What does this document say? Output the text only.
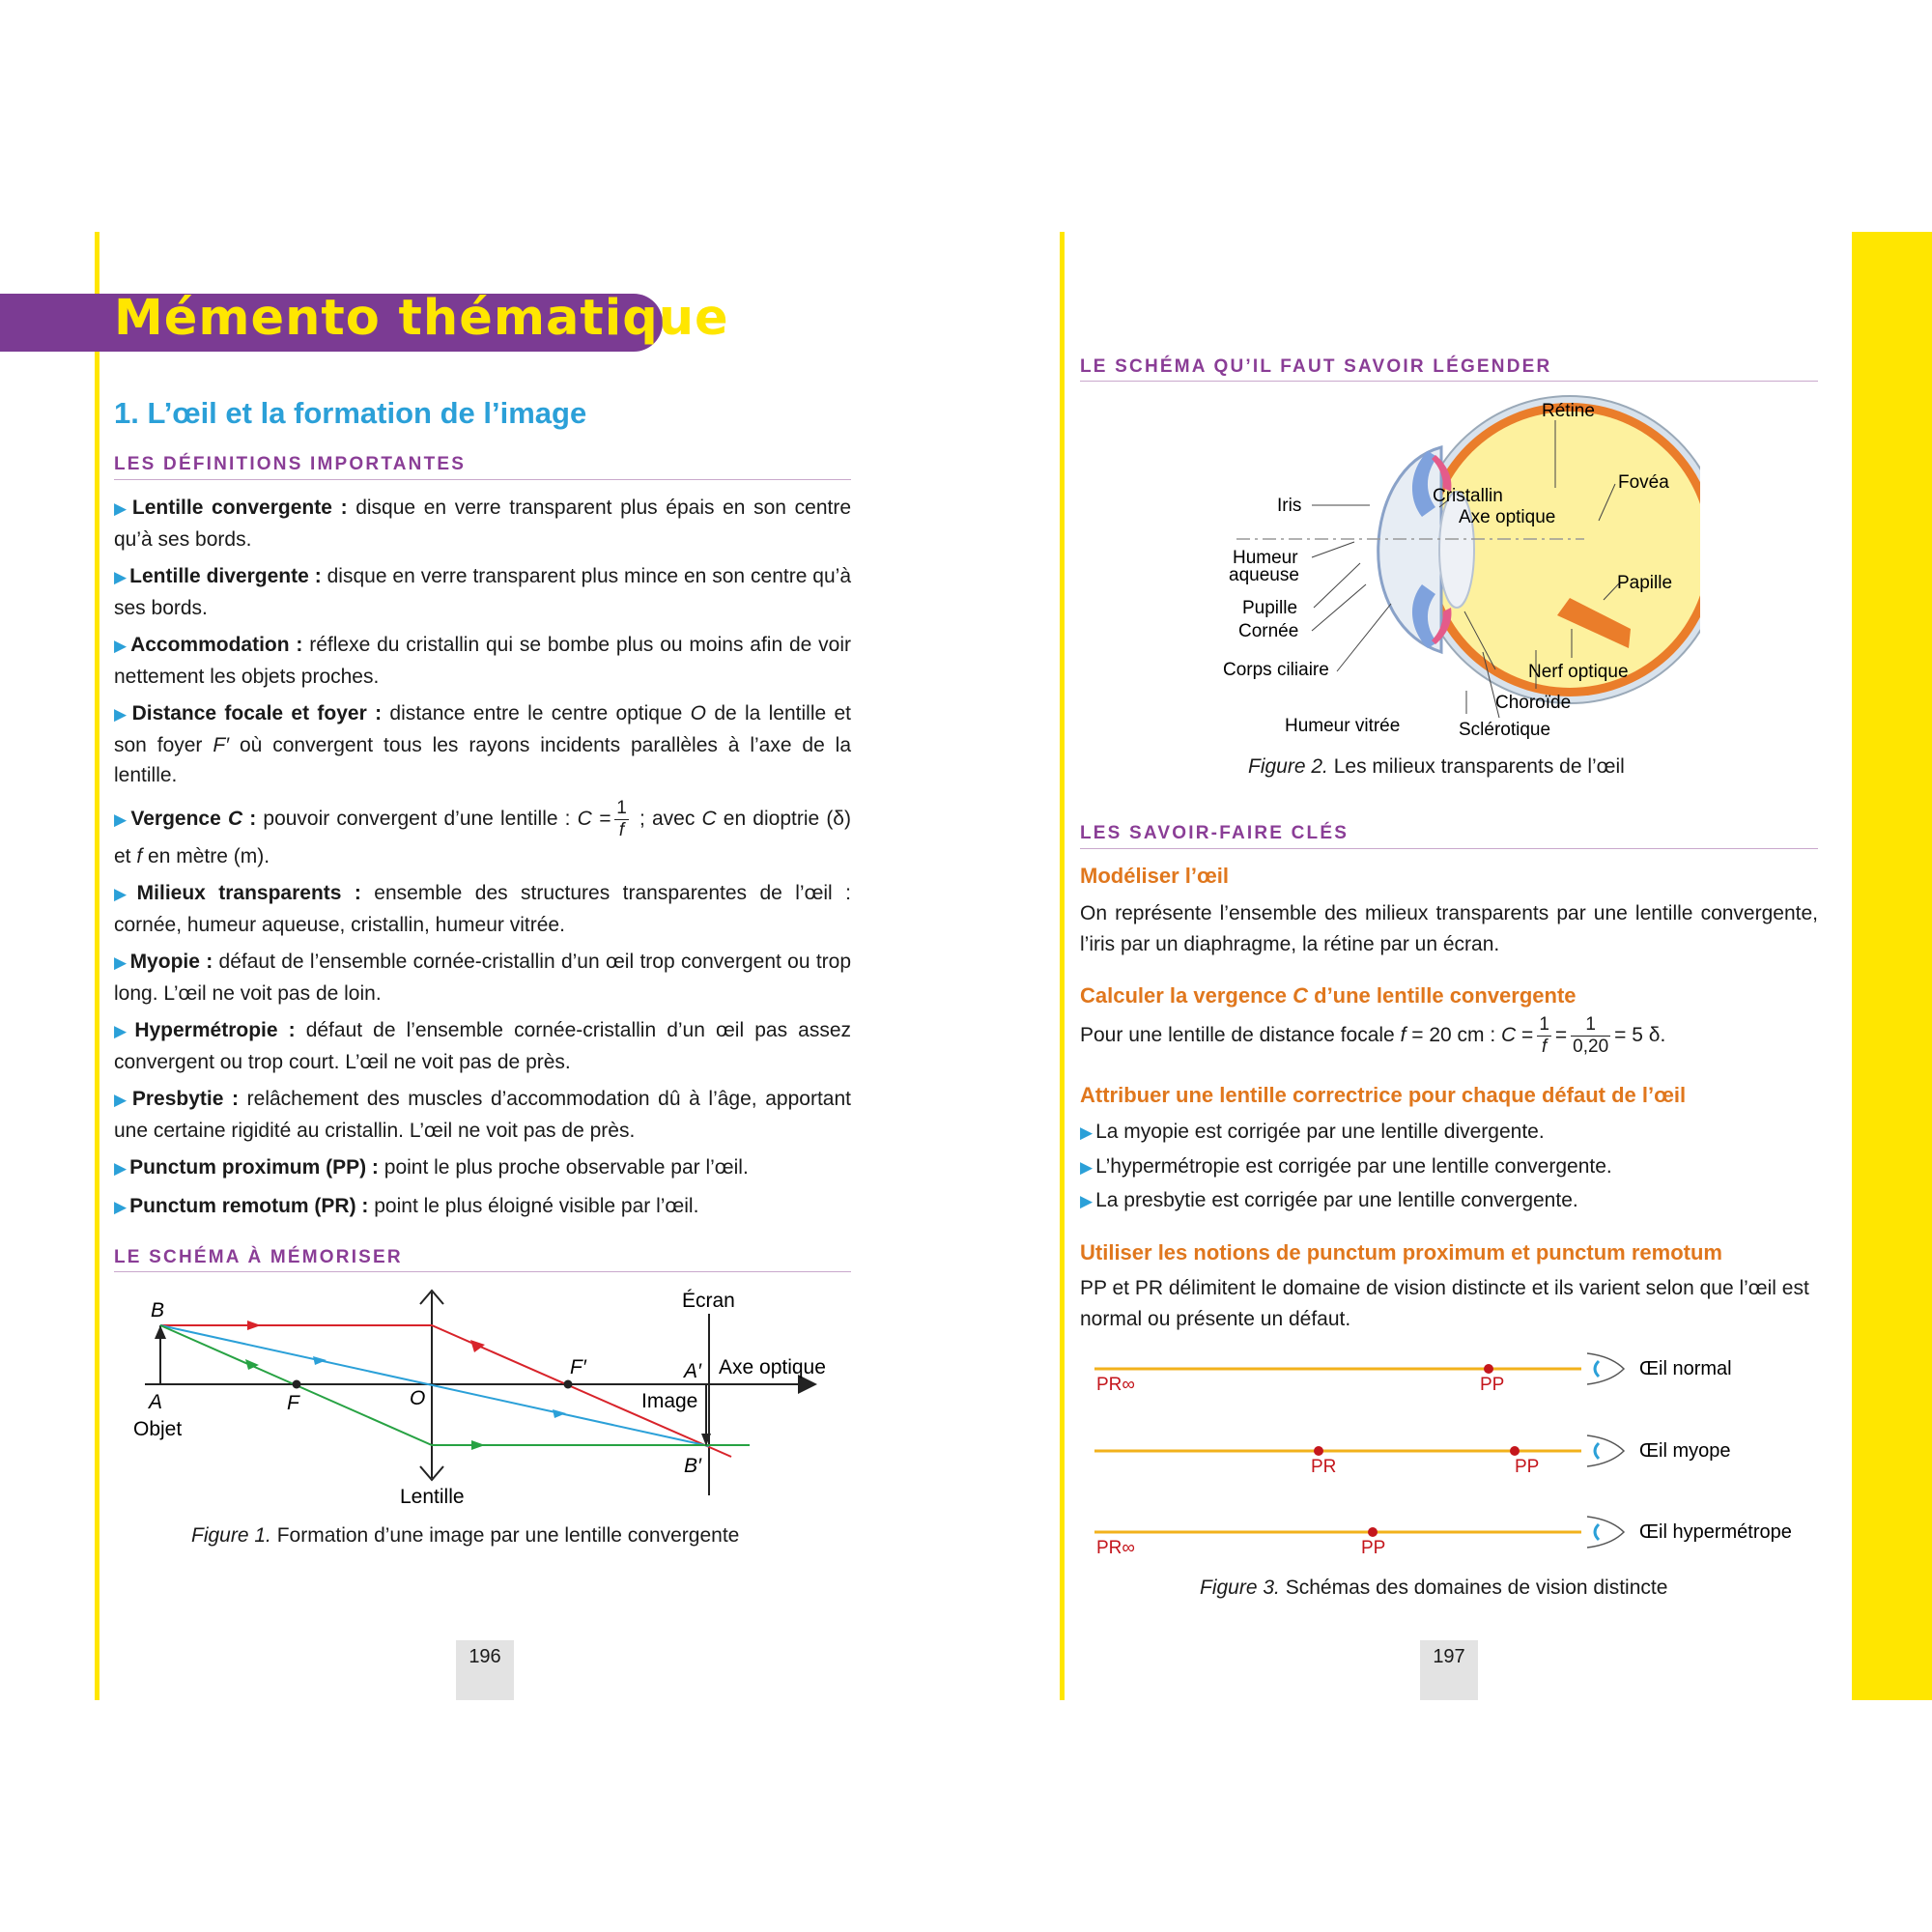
Mémento thématique
1. L’œil et la formation de l’image
LES DÉFINITIONS IMPORTANTES
▶ Lentille convergente : disque en verre transparent plus épais en son centre qu’à ses bords.
▶ Lentille divergente : disque en verre transparent plus mince en son centre qu’à ses bords.
▶ Accommodation : réflexe du cristallin qui se bombe plus ou moins afin de voir nettement les objets proches.
▶ Distance focale et foyer : distance entre le centre optique O de la lentille et son foyer F′ où convergent tous les rayons incidents parallèles à l’axe de la lentille.
▶ Vergence C : pouvoir convergent d’une lentille : $C = \frac{1}{f}$ ; avec C en dioptrie (δ) et f en mètre (m).
▶ Milieux transparents : ensemble des structures transparentes de l’œil : cornée, humeur aqueuse, cristallin, humeur vitrée.
▶ Myopie : défaut de l’ensemble cornée-cristallin d’un œil trop convergent ou trop long. L’œil ne voit pas de loin.
▶ Hypermétropie : défaut de l’ensemble cornée-cristallin d’un œil pas assez convergent ou trop court. L’œil ne voit pas de près.
▶ Presbytie : relâchement des muscles d’accommodation dû à l’âge, apportant une certaine rigidité au cristallin. L’œil ne voit pas de près.
▶ Punctum proximum (PP) : point le plus proche observable par l’œil.
▶ Punctum remotum (PR) : point le plus éloigné visible par l’œil.
LE SCHÉMA À MÉMORISER
B
A
Objet
F	O
F′	A′
B′
Image
Écran
Axe optique
Lentille
Figure 1. Formation d’une image par une lentille convergente
196
LE SCHÉMA QU’IL FAUT SAVOIR LÉGENDER
Rétine
Fovéa
Iris	Cristallin
Axe optique
Humeur
aqueuse	Papille
Pupille
Cornée
Corps ciliaire	Nerf optique
Choroïde
Humeur vitrée	Sclérotique
Figure 2. Les milieux transparents de l’œil
LES SAVOIR-FAIRE CLÉS
Modéliser l’œil
On représente l’ensemble des milieux transparents par une lentille convergente, l’iris par un diaphragme, la rétine par un écran.
Calculer la vergence C d’une lentille convergente
Pour une lentille de distance focale f = 20 cm : $C = \frac{1}{f} = \frac{1}{0,20} = 5$ δ.
Attribuer une lentille correctrice pour chaque défaut de l’œil
▶ La myopie est corrigée par une lentille divergente.
▶ L’hypermétropie est corrigée par une lentille convergente.
▶ La presbytie est corrigée par une lentille convergente.
Utiliser les notions de punctum proximum et punctum remotum
PP et PR délimitent le domaine de vision distincte et ils varient selon que l’œil est normal ou présente un défaut.
PR∞	PP
Œil normal
PR	PP
Œil myope
PR∞	PP
Œil hypermétrope
Figure 3. Schémas des domaines de vision distincte
197
